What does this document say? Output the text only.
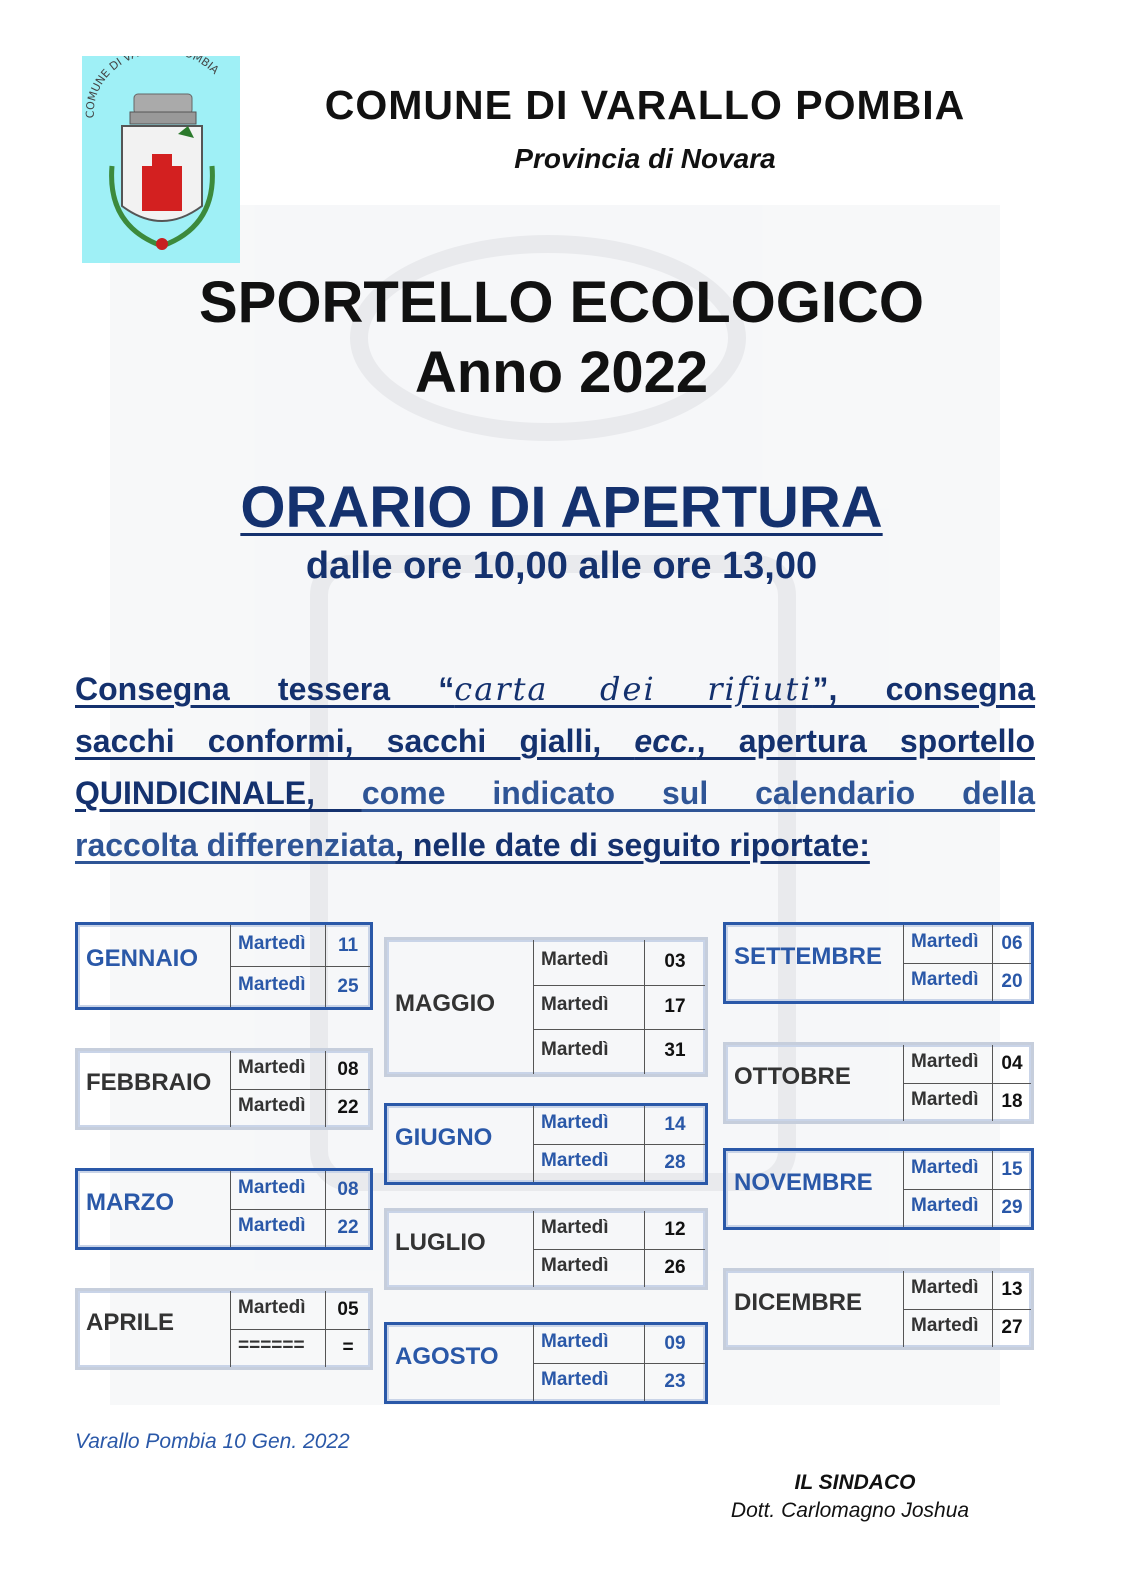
COMUNE DI V MBIA
COMUNE DI VARALLO POMBIA
Provincia di Novara
SPORTELLO ECOLOGICO
Anno 2022
ORARIO DI APERTURA
dalle ore 10,00 alle ore 13,00
Consegna tessera “carta dei rifiuti”, consegna
sacchi conformi, sacchi gialli, ecc., apertura sportello
QUINDICINALE, come indicato sul calendario della
raccolta differenziata, nelle date di seguito riportate:
GENNAIO
Martedì	11
Martedì	25
FEBBRAIO
Martedì	08
Martedì	22
MARZO
Martedì	08
Martedì	22
APRILE
Martedì	05
======	=
MAGGIO
Martedì	03
Martedì	17
Martedì	31
GIUGNO
Martedì	14
Martedì	28
LUGLIO
Martedì	12
Martedì	26
AGOSTO
Martedì	09
Martedì	23
SETTEMBRE
Martedì	06
Martedì	20
OTTOBRE
Martedì	04
Martedì	18
NOVEMBRE
Martedì	15
Martedì	29
DICEMBRE
Martedì	13
Martedì	27
Varallo Pombia 10 Gen. 2022
IL SINDACO
Dott. Carlomagno Joshua
